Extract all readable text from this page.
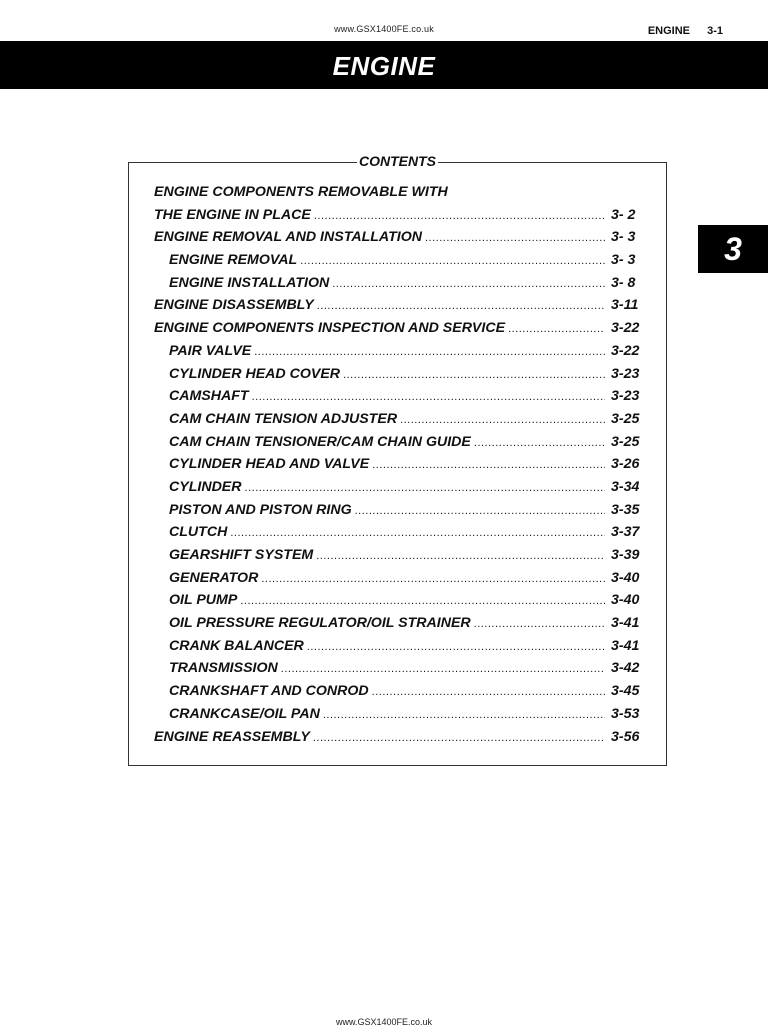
www.GSX1400FE.co.uk	ENGINE 3-1
ENGINE
3
CONTENTS
ENGINE COMPONENTS REMOVABLE WITH
THE ENGINE IN PLACE .....	3- 2
ENGINE REMOVAL AND INSTALLATION .....	3- 3
ENGINE REMOVAL .....	3- 3
ENGINE INSTALLATION .....	3- 8
ENGINE DISASSEMBLY .....	3-11
ENGINE COMPONENTS INSPECTION AND SERVICE .....	3-22
PAIR VALVE .....	3-22
CYLINDER HEAD COVER .....	3-23
CAMSHAFT .....	3-23
CAM CHAIN TENSION ADJUSTER .....	3-25
CAM CHAIN TENSIONER/CAM CHAIN GUIDE .....	3-25
CYLINDER HEAD AND VALVE .....	3-26
CYLINDER .....	3-34
PISTON AND PISTON RING .....	3-35
CLUTCH .....	3-37
GEARSHIFT SYSTEM .....	3-39
GENERATOR .....	3-40
OIL PUMP .....	3-40
OIL PRESSURE REGULATOR/OIL STRAINER .....	3-41
CRANK BALANCER .....	3-41
TRANSMISSION .....	3-42
CRANKSHAFT AND CONROD .....	3-45
CRANKCASE/OIL PAN .....	3-53
ENGINE REASSEMBLY .....	3-56
www.GSX1400FE.co.uk
